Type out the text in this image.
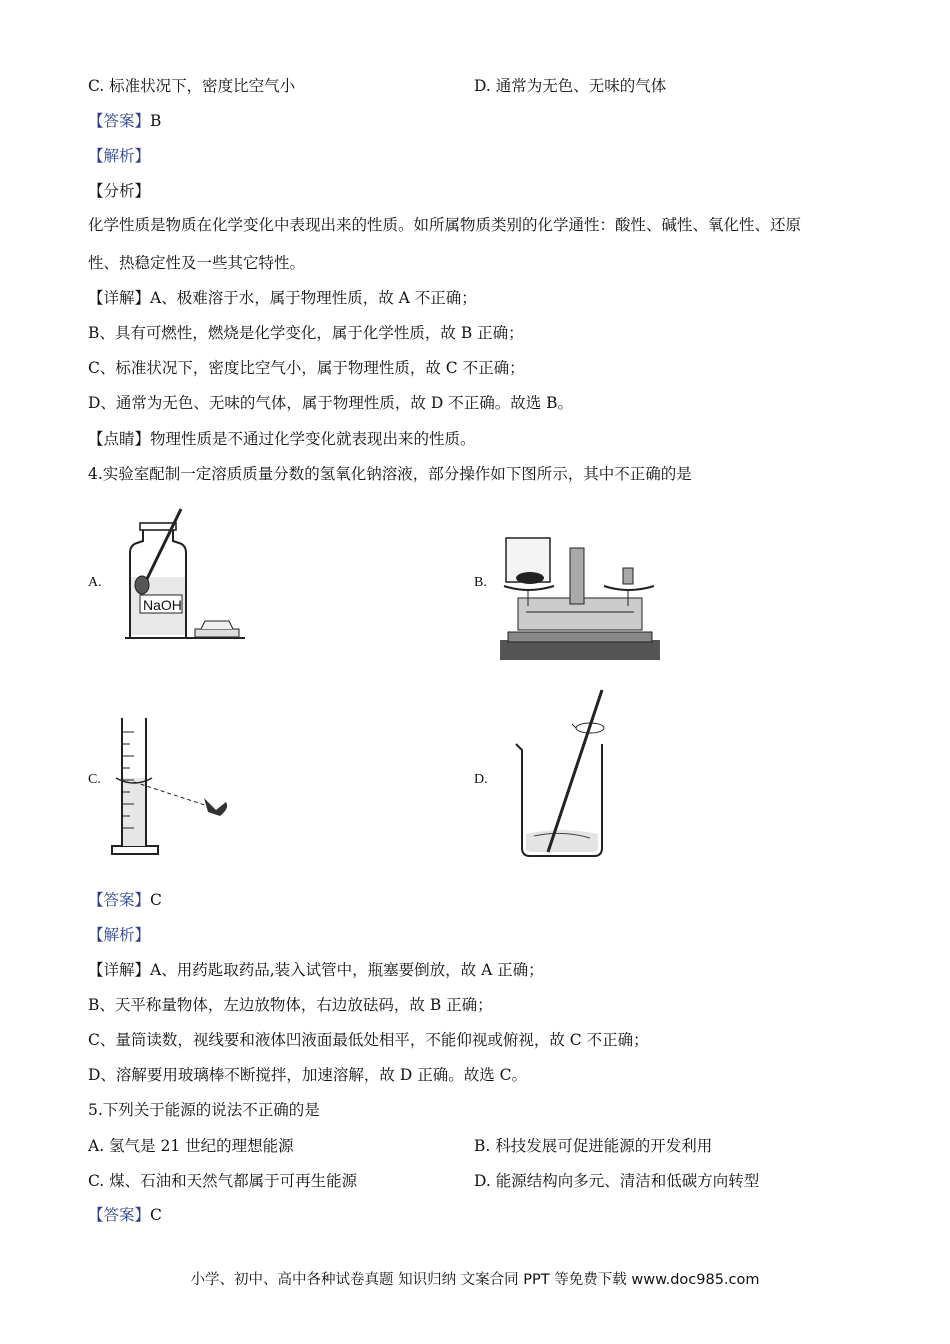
C. 标准状况下，密度比空气小	D. 通常为无色、无味的气体
【答案】B
【解析】
【分析】
化学性质是物质在化学变化中表现出来的性质。如所属物质类别的化学通性：酸性、碱性、氧化性、还原
性、热稳定性及一些其它特性。
【详解】A、极难溶于水，属于物理性质，故 A 不正确；
B、具有可燃性，燃烧是化学变化，属于化学性质，故 B 正确；
C、标准状况下，密度比空气小，属于物理性质，故 C 不正确；
D、通常为无色、无味的气体，属于物理性质，故 D 不正确。故选 B。
【点睛】物理性质是不通过化学变化就表现出来的性质。
4.实验室配制一定溶质质量分数的氢氧化钠溶液，部分操作如下图所示，其中不正确的是
A.	B.
C.	D.
NaOH
【答案】C
【解析】
【详解】A、用药匙取药品,装入试管中，瓶塞要倒放，故 A 正确；
B、天平称量物体，左边放物体，右边放砝码，故 B 正确；
C、量筒读数，视线要和液体凹液面最低处相平，不能仰视或俯视，故 C 不正确；
D、溶解要用玻璃棒不断搅拌，加速溶解，故 D 正确。故选 C。
5.下列关于能源的说法不正确的是
A. 氢气是 21 世纪的理想能源	B. 科技发展可促进能源的开发利用
C. 煤、石油和天然气都属于可再生能源	D. 能源结构向多元、清洁和低碳方向转型
【答案】C
小学、初中、高中各种试卷真题 知识归纳 文案合同 PPT 等免费下载 www.doc985.com
